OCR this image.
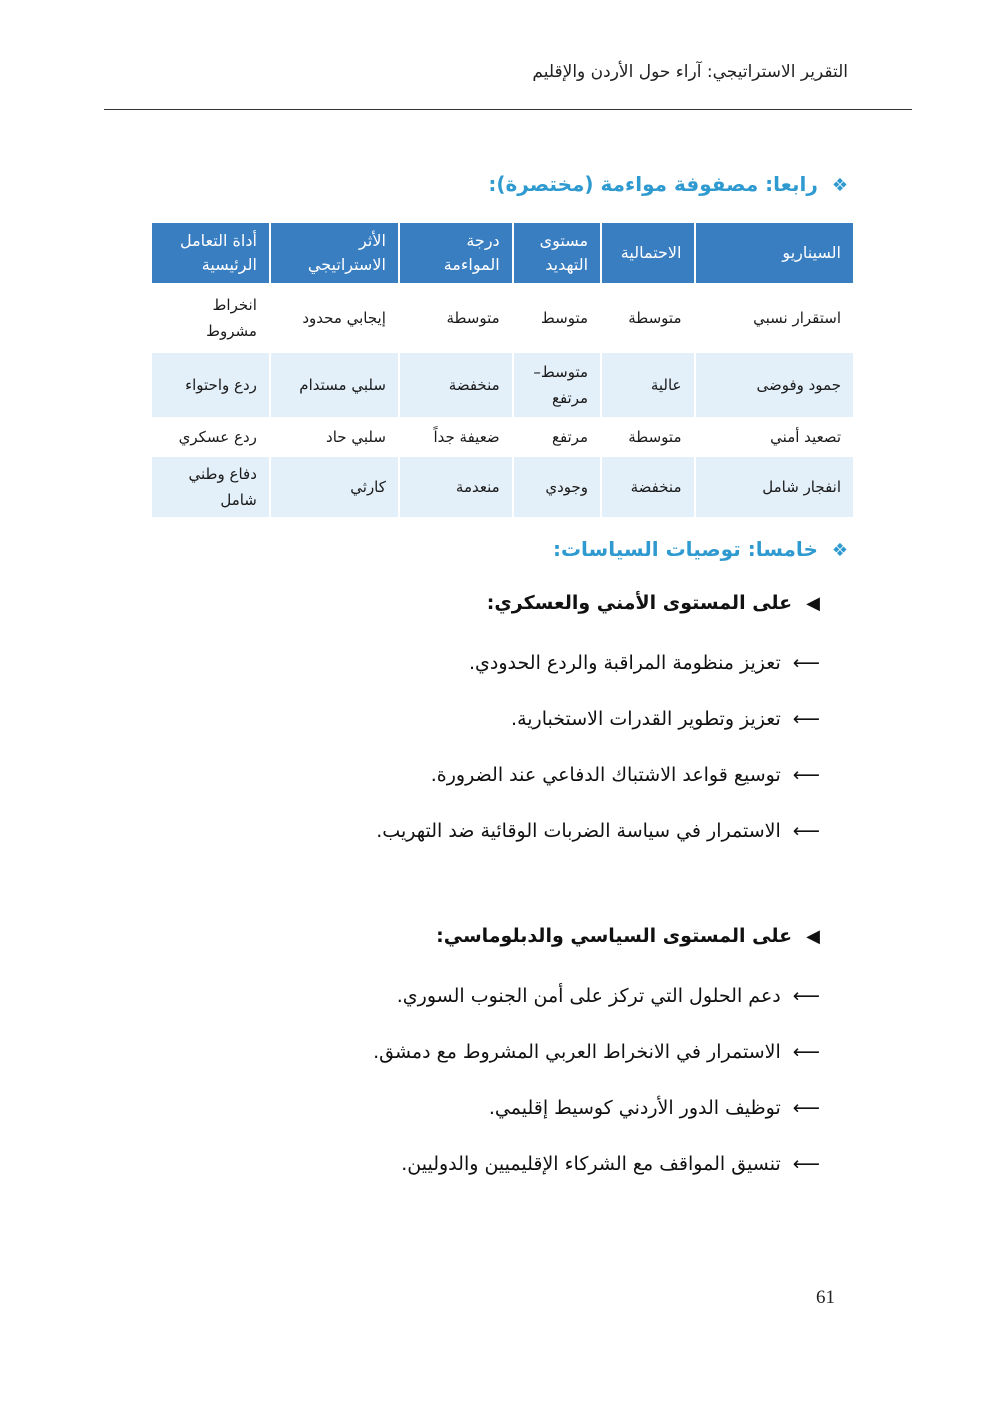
التقرير الاستراتيجي: آراء حول الأردن والإقليم
❖رابعا: مصفوفة مواءمة (مختصرة):
السيناريو	الاحتمالية	مستوى التهديد	درجة المواءمة	الأثر الاستراتيجي	أداة التعامل الرئيسية
استقرار نسبي	متوسطة	متوسط	متوسطة	إيجابي محدود	انخراط مشروط
جمود وفوضى	عالية	متوسط– مرتفع	منخفضة	سلبي مستدام	ردع واحتواء
تصعيد أمني	متوسطة	مرتفع	ضعيفة جداً	سلبي حاد	ردع عسكري
انفجار شامل	منخفضة	وجودي	منعدمة	كارثي	دفاع وطني شامل
❖خامسا: توصيات السياسات:
◀على المستوى الأمني والعسكري:
⟵تعزيز منظومة المراقبة والردع الحدودي.
⟵تعزيز وتطوير القدرات الاستخبارية.
⟵توسيع قواعد الاشتباك الدفاعي عند الضرورة.
⟵الاستمرار في سياسة الضربات الوقائية ضد التهريب.
◀على المستوى السياسي والدبلوماسي:
⟵دعم الحلول التي تركز على أمن الجنوب السوري.
⟵الاستمرار في الانخراط العربي المشروط مع دمشق.
⟵توظيف الدور الأردني كوسيط إقليمي.
⟵تنسيق المواقف مع الشركاء الإقليميين والدوليين.
61
